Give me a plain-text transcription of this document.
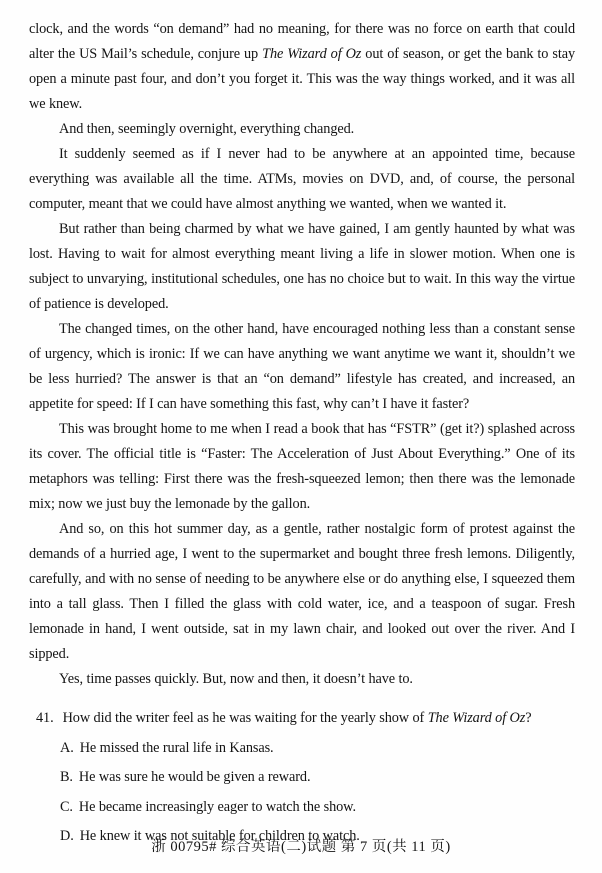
clock, and the words “on demand” had no meaning, for there was no force on earth that could alter the US Mail’s schedule, conjure up The Wizard of Oz out of season, or get the bank to stay open a minute past four, and don’t you forget it. This was the way things worked, and it was all we knew.

And then, seemingly overnight, everything changed.

It suddenly seemed as if I never had to be anywhere at an appointed time, because everything was available all the time. ATMs, movies on DVD, and, of course, the personal computer, meant that we could have almost anything we wanted, when we wanted it.

But rather than being charmed by what we have gained, I am gently haunted by what was lost. Having to wait for almost everything meant living a life in slower motion. When one is subject to unvarying, institutional schedules, one has no choice but to wait. In this way the virtue of patience is developed.

The changed times, on the other hand, have encouraged nothing less than a constant sense of urgency, which is ironic: If we can have anything we want anytime we want it, shouldn’t we be less hurried? The answer is that an “on demand” lifestyle has created, and increased, an appetite for speed: If I can have something this fast, why can’t I have it faster?

This was brought home to me when I read a book that has “FSTR” (get it?) splashed across its cover. The official title is “Faster: The Acceleration of Just About Everything.” One of its metaphors was telling: First there was the fresh-squeezed lemon; then there was the lemonade mix; now we just buy the lemonade by the gallon.

And so, on this hot summer day, as a gentle, rather nostalgic form of protest against the demands of a hurried age, I went to the supermarket and bought three fresh lemons. Diligently, carefully, and with no sense of needing to be anywhere else or do anything else, I squeezed them into a tall glass. Then I filled the glass with cold water, ice, and a teaspoon of sugar. Fresh lemonade in hand, I went outside, sat in my lawn chair, and looked out over the river. And I sipped.

Yes, time passes quickly. But, now and then, it doesn’t have to.

41. How did the writer feel as he was waiting for the yearly show of The Wizard of Oz?
A. He missed the rural life in Kansas.
B. He was sure he would be given a reward.
C. He became increasingly eager to watch the show.
D. He knew it was not suitable for children to watch.
浙 00795# 综合英语(二)试题 第 7 页(共 11 页)
